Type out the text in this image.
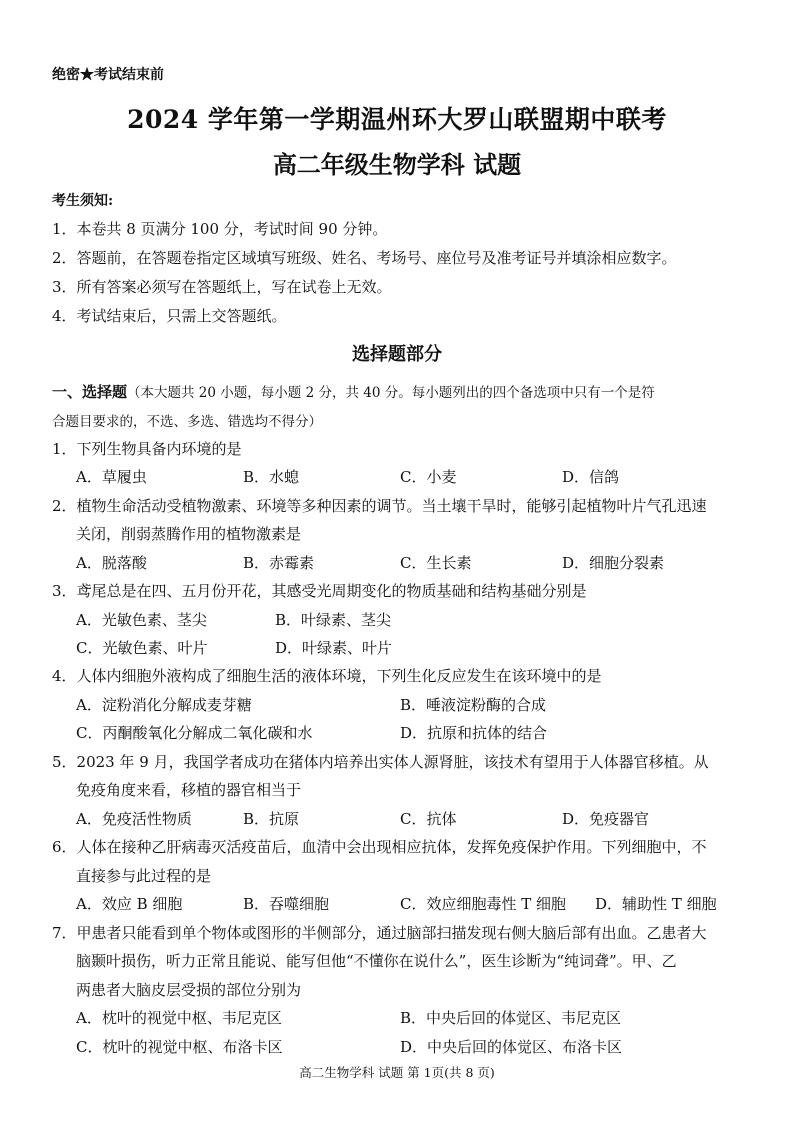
绝密★考试结束前
2024 学年第一学期温州环大罗山联盟期中联考
高二年级生物学科 试题
考生须知:
1．本卷共 8 页满分 100 分，考试时间 90 分钟。
2．答题前，在答题卷指定区域填写班级、姓名、考场号、座位号及准考证号并填涂相应数字。
3．所有答案必须写在答题纸上，写在试卷上无效。
4．考试结束后，只需上交答题纸。
选择题部分
一、选择题（本大题共 20 小题，每小题 2 分，共 40 分。每小题列出的四个备选项中只有一个是符
合题目要求的，不选、多选、错选均不得分）
1．下列生物具备内环境的是
A．草履虫	B．水螅	C．小麦	D．信鸽
2．植物生命活动受植物激素、环境等多种因素的调节。当土壤干旱时，能够引起植物叶片气孔迅速
关闭，削弱蒸腾作用的植物激素是
A．脱落酸	B．赤霉素	C．生长素	D．细胞分裂素
3．鸢尾总是在四、五月份开花，其感受光周期变化的物质基础和结构基础分别是
A．光敏色素、茎尖	B．叶绿素、茎尖
C．光敏色素、叶片	D．叶绿素、叶片
4．人体内细胞外液构成了细胞生活的液体环境，下列生化反应发生在该环境中的是
A．淀粉消化分解成麦芽糖	B．唾液淀粉酶的合成
C．丙酮酸氧化分解成二氧化碳和水	D．抗原和抗体的结合
5．2023 年 9 月，我国学者成功在猪体内培养出实体人源肾脏，该技术有望用于人体器官移植。从
免疫角度来看，移植的器官相当于
A．免疫活性物质	B．抗原	C．抗体	D．免疫器官
6．人体在接种乙肝病毒灭活疫苗后，血清中会出现相应抗体，发挥免疫保护作用。下列细胞中，不
直接参与此过程的是
A．效应 B 细胞	B．吞噬细胞	C．效应细胞毒性 T 细胞 D．辅助性 T 细胞
7．甲患者只能看到单个物体或图形的半侧部分，通过脑部扫描发现右侧大脑后部有出血。乙患者大
脑颞叶损伤，听力正常且能说、能写但他“不懂你在说什么”，医生诊断为“纯词聋”。甲、乙
两患者大脑皮层受损的部位分别为
A．枕叶的视觉中枢、韦尼克区	B．中央后回的体觉区、韦尼克区
C．枕叶的视觉中枢、布洛卡区	D．中央后回的体觉区、布洛卡区
高二生物学科 试题 第 1页(共 8 页)
